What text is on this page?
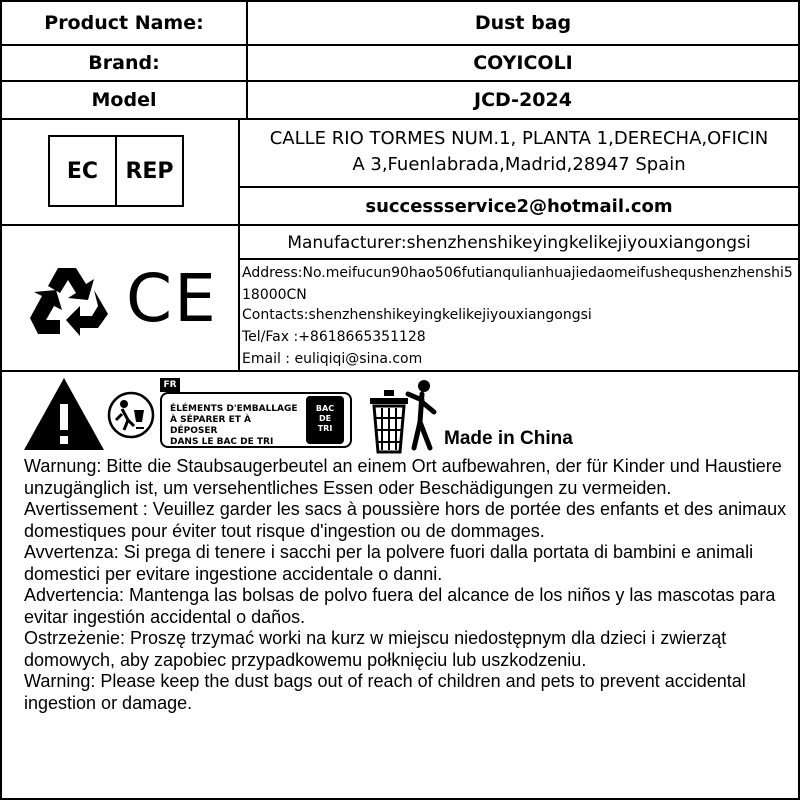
Product Name:	Dust bag
Brand:	COYICOLI
Model	JCD-2024
EC	REP
CALLE RIO TORMES NUM.1, PLANTA 1,DERECHA,OFICIN
A 3,Fuenlabrada,Madrid,28947 Spain
successservice2@hotmail.com
CE
Manufacturer:shenzhenshikeyingkelikejiyouxiangongsi
Address:No.meifucun90hao506futianqulianhuajiedaomeifushequshenzhenshi518000CN
Contacts:shenzhenshikeyingkelikejiyouxiangongsi
Tel/Fax :+8618665351128
Email : euliqiqi@sina.com
FR
ÉLÉMENTS D'EMBALLAGE
À SÉPARER ET À DÉPOSER
DANS LE BAC DE TRI
BAC
DE
TRI	Made in China

Warnung: Bitte die Staubsaugerbeutel an einem Ort aufbewahren, der für Kinder und Haustiere unzugänglich ist, um versehentliches Essen oder Beschädigungen zu vermeiden.

Avertissement : Veuillez garder les sacs à poussière hors de portée des enfants et des animaux domestiques pour éviter tout risque d'ingestion ou de dommages.

Avvertenza: Si prega di tenere i sacchi per la polvere fuori dalla portata di bambini e animali domestici per evitare ingestione accidentale o danni.

Advertencia: Mantenga las bolsas de polvo fuera del alcance de los niños y las mascotas para evitar ingestión accidental o daños.

Ostrzeżenie: Proszę trzymać worki na kurz w miejscu niedostępnym dla dzieci i zwierząt domowych, aby zapobiec przypadkowemu połknięciu lub uszkodzeniu.

Warning: Please keep the dust bags out of reach of children and pets to prevent accidental ingestion or damage.
